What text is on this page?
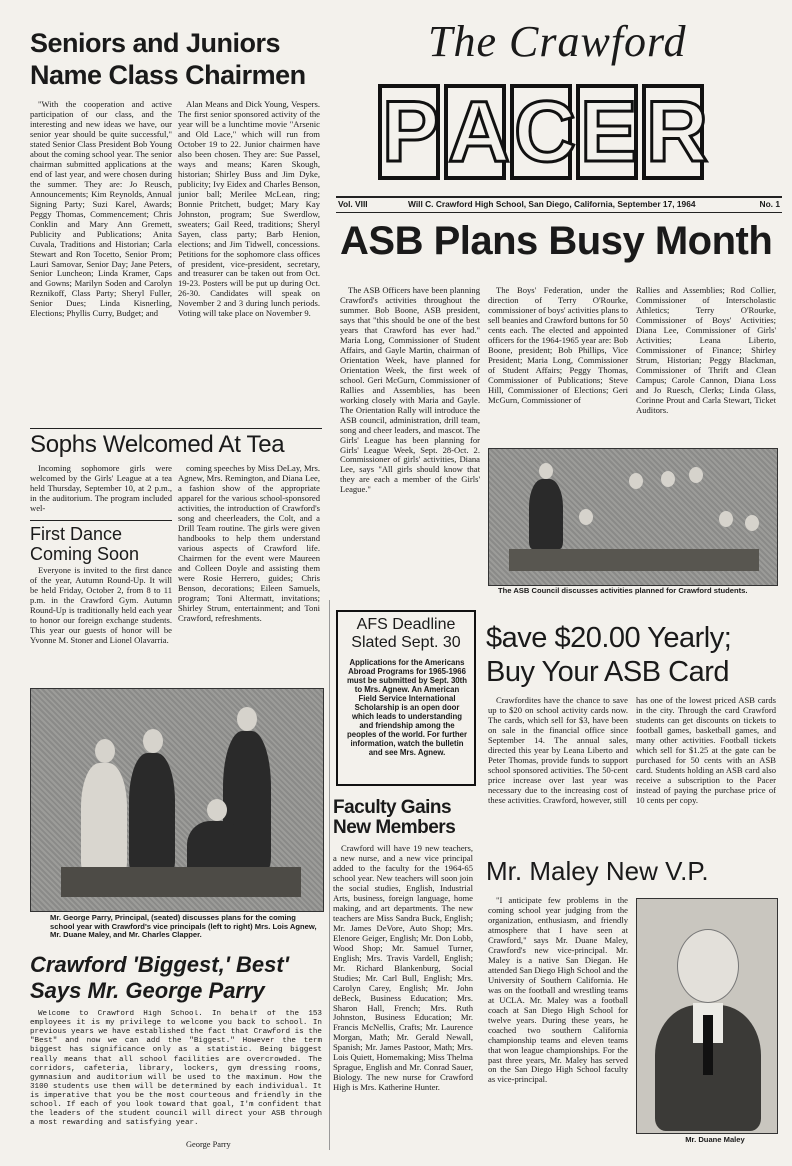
The Crawford
P ACE R
Vol. VIII	Will C. Crawford High School, San Diego, California, September 17, 1964	No. 1
Seniors and Juniors
Name Class Chairmen
"With the cooperation and active participation of our class, and the interesting and new ideas we have, our senior year should be quite successful," stated Senior Class President Bob Young about the coming school year. The senior chairman submitted applications at the end of last year, and were chosen during the summer. They are: Jo Reusch, Announcements; Kim Reynolds, Annual Signing Party; Suzi Karel, Awards; Peggy Thomas, Commencement; Chris Conklin and Mary Ann Gremett, Publicity and Publications; Anita Cuvala, Traditions and Historian; Carla Stewart and Ron Tocetto, Senior Prom; Lauri Samovar, Senior Day; Jane Peters, Senior Luncheon; Linda Kramer, Caps and Gowns; Marilyn Soden and Carolyn Reznikoff, Class Party; Sheryl Fuller, Senior Dues; Linda Kisnerling, Elections; Phyllis Curry, Budget; and
Alan Means and Dick Young, Vespers. The first senior sponsored activity of the year will be a lunchtime movie "Arsenic and Old Lace," which will run from October 19 to 22. Junior chairmen have also been chosen. They are: Sue Passel, ways and means; Karen Skough, historian; Shirley Buss and Jim Dyke, publicity; Ivy Eidex and Charles Benson, junior ball; Merilee McLean, ring; Bonnie Pritchett, budget; Mary Kay Johnston, program; Sue Swerdlow, sweaters; Gail Reed, traditions; Sheryl Sayen, class party; Barb Henion, elections; and Jim Tidwell, concessions. Petitions for the sophomore class offices of president, vice-president, secretary, and treasurer can be taken out from Oct. 19-23. Posters will be put up during Oct. 26-30. Candidates will speak on November 2 and 3 during lunch periods. Voting will take place on November 9.
Sophs Welcomed At Tea
Incoming sophomore girls were welcomed by the Girls' League at a tea held Thursday, September 10, at 2 p.m., in the auditorium. The program included wel-
coming speeches by Miss DeLay, Mrs. Agnew, Mrs. Remington, and Diana Lee, a fashion show of the appropriate apparel for the various school-sponsored activities, the introduction of Crawford's song and cheerleaders, the Colt, and a Drill Team routine. The girls were given handbooks to help them understand various aspects of Crawford life. Chairmen for the event were Maureen and Colleen Doyle and assisting them were Rosie Herrero, guides; Chris Benson, decorations; Eileen Samuels, program; Toni Altermatt, invitations; Shirley Strum, entertainment; and Toni Crawford, refreshments.
First Dance
Coming Soon
Everyone is invited to the first dance of the year, Autumn Round-Up. It will be held Friday, October 2, from 8 to 11 p.m. in the Crawford Gym. Autumn Round-Up is traditionally held each year to honor our foreign exchange students. This year our guests of honor will be Yvonne M. Stoner and Lionel Olavarria.
Mr. George Parry, Principal, (seated) discusses plans for the coming school year with Crawford's vice principals (left to right) Mrs. Lois Agnew, Mr. Duane Maley, and Mr. Charles Clapper.
Crawford 'Biggest,' Best'
Says Mr. George Parry
Welcome to Crawford High School. In behalf of the 153 employees it is my privilege to welcome you back to school. In previous years we have established the fact that Crawford is the "Best" and now we can add the "Biggest." However the term biggest has significance only as a statistic. Being biggest really means that all school facilities are overcrowded. The corridors, cafeteria, library, lockers, gym dressing rooms, gymnasium and auditorium will be used to the maximum. How the 3100 students use them will be determined by each individual. It is imperative that you be the most courteous and friendly in the school. If each of you look toward that goal, I'm confident that the leaders of the student council will direct your ASB through a most rewarding and satisfying year.
George Parry
ASB Plans Busy Month
The ASB Officers have been planning Crawford's activities throughout the summer. Bob Boone, ASB president, says that "this should be one of the best years that Crawford has ever had." Maria Long, Commissioner of Student Affairs, and Gayle Martin, chairman of Orientation Week, have planned for Orientation Week, the first week of school. Geri McGurn, Commissioner of Rallies and Assemblies, has been working closely with Maria and Gayle. The Orientation Rally will introduce the ASB council, administration, drill team, song and cheer leaders, and mascot. The Girls' League has been planning for Girls' League Week, Sept. 28-Oct. 2. Commissioner of girls' activities, Diana Lee, says "All girls should know that they are each a member of the Girls' League."
The Boys' Federation, under the direction of Terry O'Rourke, commissioner of boys' activities plans to sell beanies and Crawford buttons for 50 cents each. The elected and appointed officers for the 1964-1965 year are: Bob Boone, president; Bob Phillips, Vice President; Maria Long, Commissioner of Student Affairs; Peggy Thomas, Commissioner of Publications; Steve Hill, Commissioner of Elections; Geri McGurn, Commissioner of
Rallies and Assemblies; Rod Collier, Commissioner of Interscholastic Athletics; Terry O'Rourke, Commissioner of Boys' Activities; Diana Lee, Commissioner of Girls' Activities; Leana Liberto, Commissioner of Finance; Shirley Strum, Historian; Peggy Blackman, Commissioner of Thrift and Clean Campus; Carole Cannon, Diana Loss and Jo Ruesch, Clerks; Linda Glass, Corinne Prout and Carla Stewart, Ticket Auditors.
The ASB Council discusses activities planned for Crawford students.
AFS Deadline
Slated Sept. 30
Applications for the Americans Abroad Programs for 1965-1966 must be submitted by Sept. 30th to Mrs. Agnew. An American Field Service International Scholarship is an open door which leads to understanding and friendship among the peoples of the world. For further information, watch the bulletin and see Mrs. Agnew.
Faculty Gains
New Members
Crawford will have 19 new teachers, a new nurse, and a new vice principal added to the faculty for the 1964-65 school year. New teachers will soon join the social studies, English, Industrial Arts, business, foreign language, home making, and art departments. The new teachers are Miss Sandra Buck, English; Mr. James DeVore, Auto Shop; Mrs. Elenore Geiger, English; Mr. Don Lobb, Wood Shop; Mr. Samuel Turner, English; Mrs. Travis Vardell, English; Mr. Richard Blankenburg, Social Studies; Mr. Carl Bull, English; Mrs. Carolyn Carey, English; Mr. John deBeck, Business Education; Mrs. Sharon Hall, French; Mrs. Ruth Johnston, Business Education; Mr. Francis McNellis, Crafts; Mr. Laurence Morgan, Math; Mr. Gerald Newall, Spanish; Mr. James Pastoor, Math; Mrs. Lois Quiett, Homemaking; Miss Thelma Sprague, English and Mr. Conrad Sauer, Biology. The new nurse for Crawford High is Mrs. Katherine Hunter.
$ave $20.00 Yearly;
Buy Your ASB Card
Crawfordites have the chance to save up to $20 on school activity cards now. The cards, which sell for $3, have been on sale in the financial office since September 14. The annual sales, directed this year by Leana Liberto and Peter Thomas, provide funds to support school sponsored activities. The 50-cent price increase over last year was necessary due to the increasing cost of these activities. Crawford, however, still
has one of the lowest priced ASB cards in the city. Through the card Crawford students can get discounts on tickets to football games, basketball games, and many other activities. Football tickets which sell for $1.25 at the gate can be purchased for 50 cents with an ASB card. Students holding an ASB card also receive a subscription to the Pacer instead of paying the purchase price of 10 cents per copy.
Mr. Maley New V.P.
"I anticipate few problems in the coming school year judging from the organization, enthusiasm, and friendly atmosphere that I have seen at Crawford," says Mr. Duane Maley, Crawford's new vice-principal. Mr. Maley is a native San Diegan. He attended San Diego High School and the University of Southern California. He was on the football and wrestling teams at UCLA. Mr. Maley was a football coach at San Diego High School for twelve years. During these years, he coached two southern California championship teams and eleven teams that won league championships. For the past three years, Mr. Maley has served on the San Diego High School faculty as vice-principal.
Mr. Duane Maley
